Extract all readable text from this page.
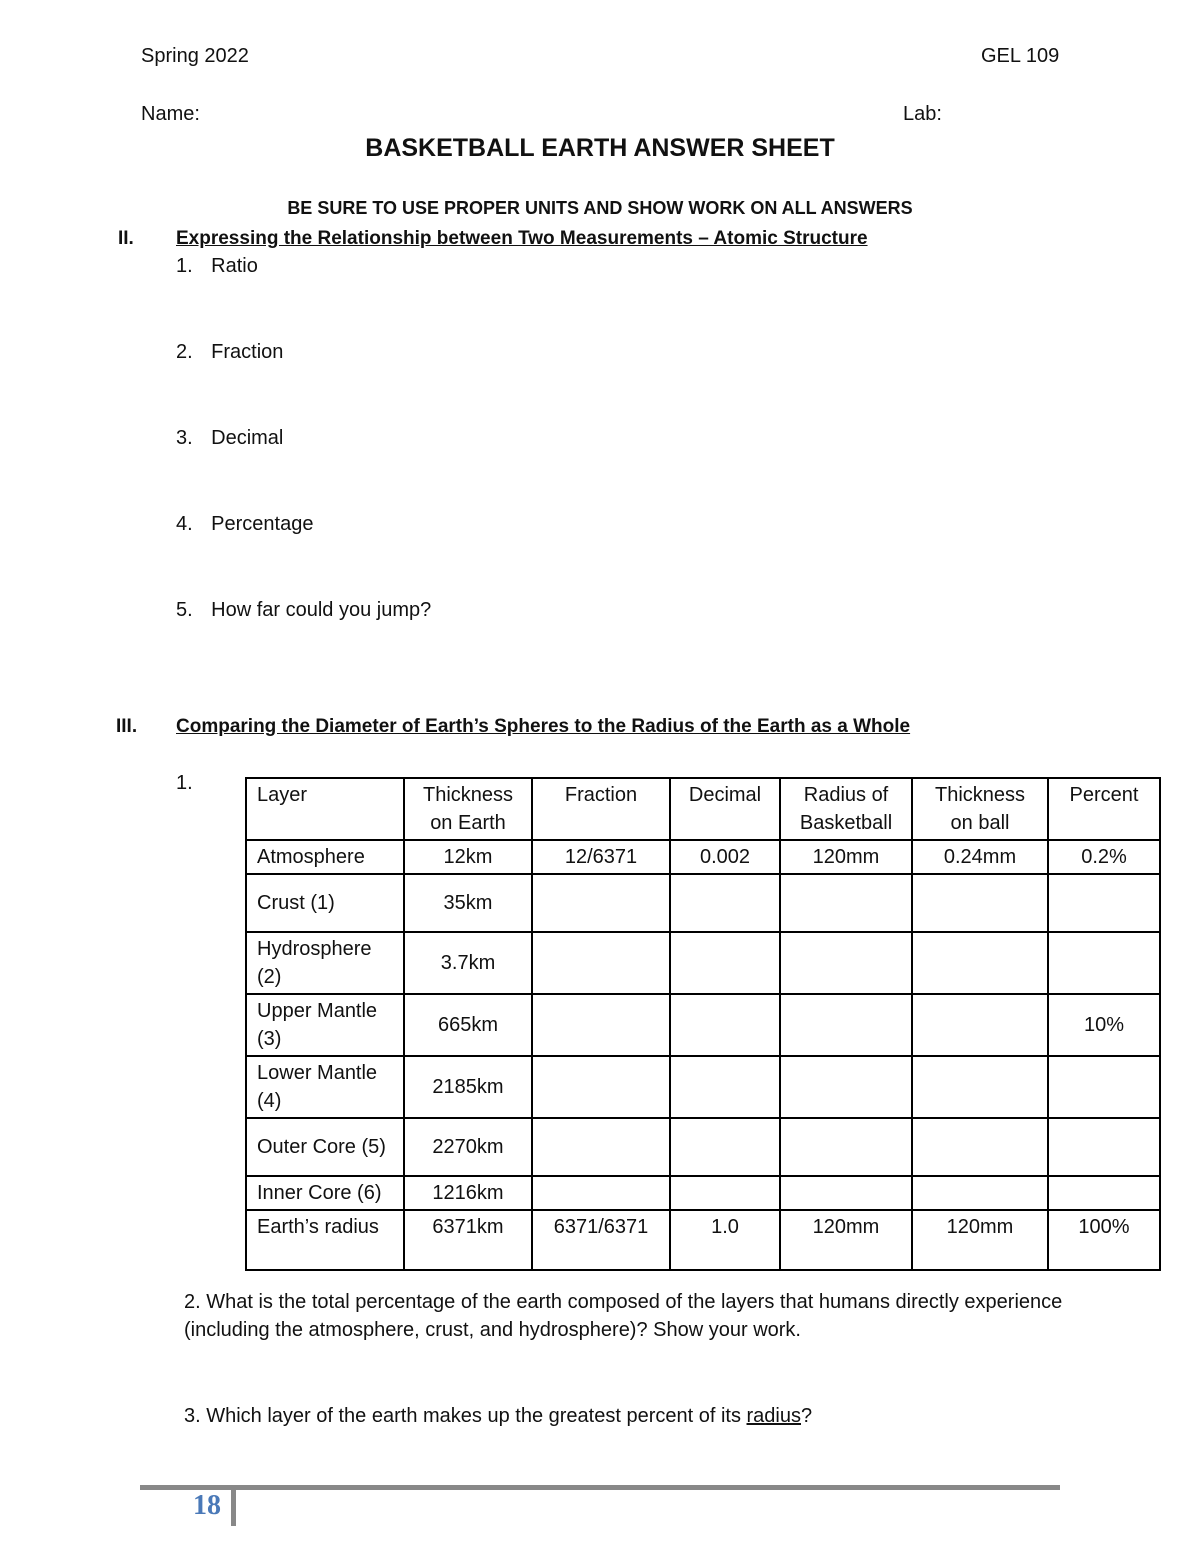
Spring 2022	GEL 109
Name:	Lab:
BASKETBALL EARTH ANSWER SHEET
BE SURE TO USE PROPER UNITS AND SHOW WORK ON ALL ANSWERS
II. Expressing the Relationship between Two Measurements – Atomic Structure
1. Ratio
2. Fraction
3. Decimal
4. Percentage
5. How far could you jump?
III. Comparing the Diameter of Earth’s Spheres to the Radius of the Earth as a Whole
1.
Layer	Thickness on Earth	Fraction	Decimal	Radius of Basketball	Thickness on ball	Percent
Atmosphere	12km	12/6371	0.002	120mm	0.24mm	0.2%
Crust (1)	35km					
Hydrosphere (2)	3.7km					
Upper Mantle (3)	665km					10%
Lower Mantle (4)	2185km					
Outer Core (5)	2270km					
Inner Core (6)	1216km					
Earth’s radius	6371km	6371/6371	1.0	120mm	120mm	100%
2. What is the total percentage of the earth composed of the layers that humans directly experience (including the atmosphere, crust, and hydrosphere)? Show your work.
3. Which layer of the earth makes up the greatest percent of its radius?
18
